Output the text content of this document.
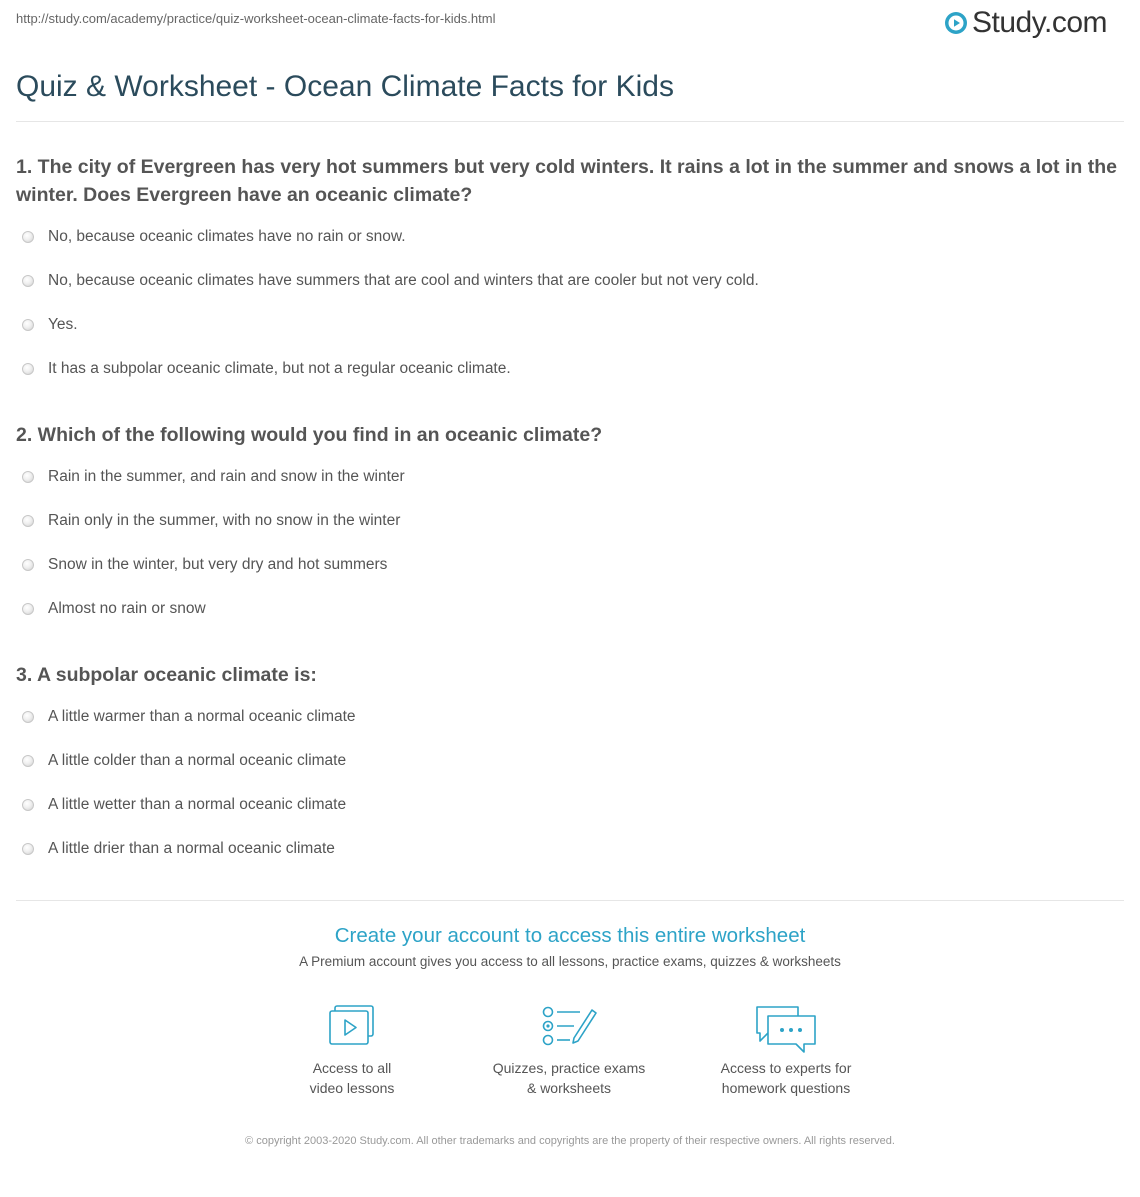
http://study.com/academy/practice/quiz-worksheet-ocean-climate-facts-for-kids.html	Study.com
Quiz & Worksheet - Ocean Climate Facts for Kids

1. The city of Evergreen has very hot summers but very cold winters. It rains a lot in the summer and snows a lot in the winter. Does Evergreen have an oceanic climate?

No, because oceanic climates have no rain or snow.
No, because oceanic climates have summers that are cool and winters that are cooler but not very cold.
Yes.
It has a subpolar oceanic climate, but not a regular oceanic climate.

2. Which of the following would you find in an oceanic climate?

Rain in the summer, and rain and snow in the winter
Rain only in the summer, with no snow in the winter
Snow in the winter, but very dry and hot summers
Almost no rain or snow

3. A subpolar oceanic climate is:

A little warmer than a normal oceanic climate
A little colder than a normal oceanic climate
A little wetter than a normal oceanic climate
A little drier than a normal oceanic climate
Create your account to access this entire worksheet
A Premium account gives you access to all lessons, practice exams, quizzes & worksheets
Access to all
video lessons
Quizzes, practice exams
& worksheets
Access to experts for
homework questions
© copyright 2003-2020 Study.com. All other trademarks and copyrights are the property of their respective owners. All rights reserved.
